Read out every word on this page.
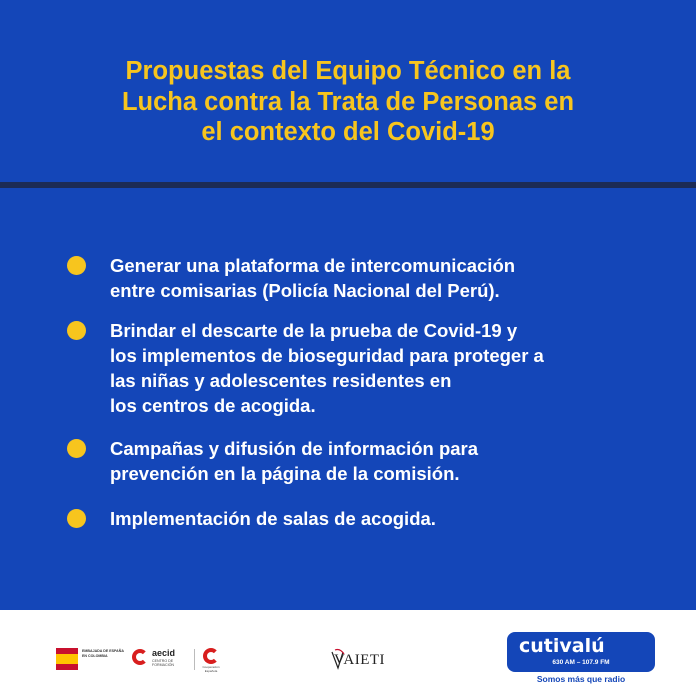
Propuestas del Equipo Técnico en la
Lucha contra la Trata de Personas en
el contexto del Covid-19
Generar una plataforma de intercomunicación
entre comisarias (Policía Nacional del Perú).
Brindar el descarte de la prueba de Covid-19 y
los implementos de bioseguridad para proteger a
las niñas y adolescentes residentes en
los centros de acogida.
Campañas y difusión de información para
prevención en la página de la comisión.
Implementación de salas de acogida.
EMBAJADA DE ESPAÑA EN COLOMBIA	aecid
CENTRO DE FORMACIÓN	Cooperación Española
VAIETI
cutivalú
630 AM – 107.9 FM
Somos más que radio
